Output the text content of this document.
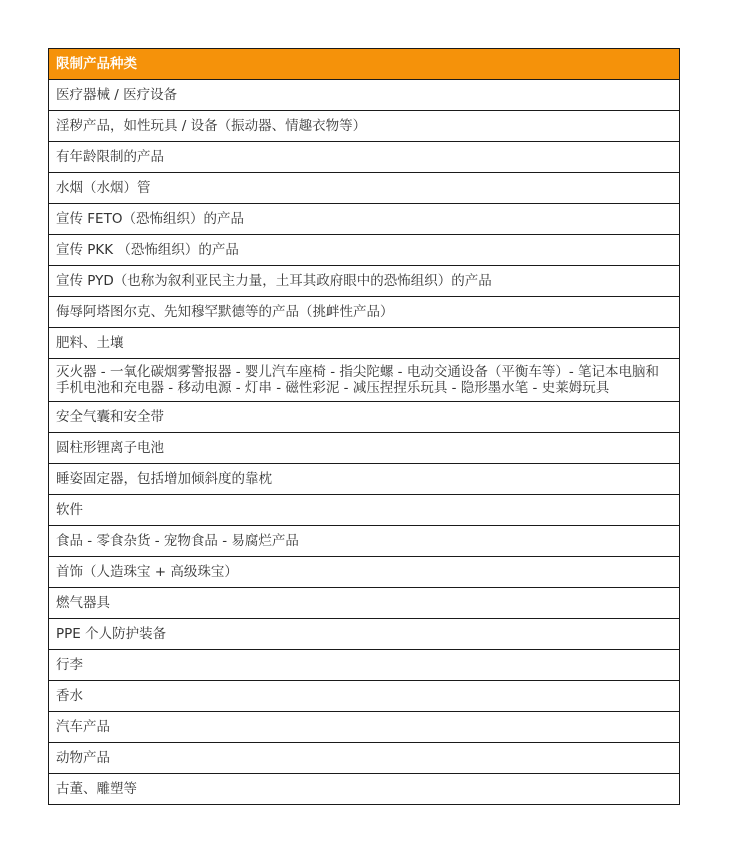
限制产品种类
医疗器械 / 医疗设备
淫秽产品，如性玩具 / 设备（振动器、情趣衣物等）
有年龄限制的产品
水烟（水烟）管
宣传 FETO（恐怖组织）的产品
宣传 PKK （恐怖组织）的产品
宣传 PYD（也称为叙利亚民主力量，土耳其政府眼中的恐怖组织）的产品
侮辱阿塔图尔克、先知穆罕默德等的产品（挑衅性产品）
肥料、土壤
灭火器 - 一氧化碳烟雾警报器 - 婴儿汽车座椅 - 指尖陀螺 - 电动交通设备（平衡车等）- 笔记本电脑和手机电池和充电器 - 移动电源 - 灯串 - 磁性彩泥 - 减压捏捏乐玩具 - 隐形墨水笔 - 史莱姆玩具
安全气囊和安全带
圆柱形锂离子电池
睡姿固定器，包括增加倾斜度的靠枕
软件
食品 - 零食杂货 - 宠物食品 - 易腐烂产品
首饰（人造珠宝 + 高级珠宝）
燃气器具
PPE 个人防护装备
行李
香水
汽车产品
动物产品
古董、雕塑等
